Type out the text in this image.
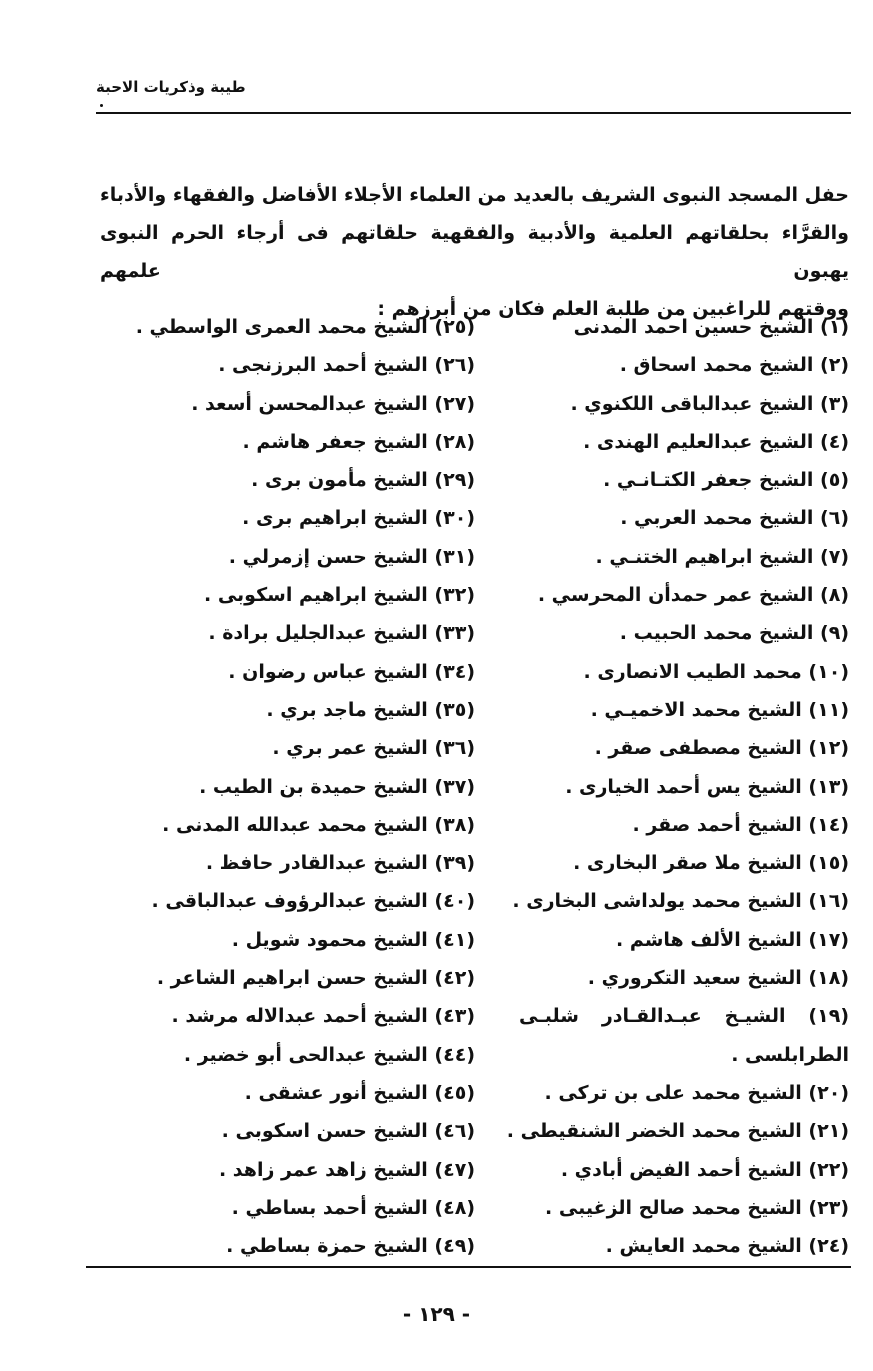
طيبة وذكريات الاحبة

حفل المسجد النبوى الشريف بالعديد من العلماء الأجلاء الأفاضل والفقهاء والأدباء

والقرَّاء بحلقاتهم العلمية والأدبية والفقهية حلقاتهم فى أرجاء الحرم النبوى يهبون علمهم

ووقتهم للراغبين من طلبة العلم فكان من أبرزهم :

(١) الشيخ حسين احمد المدنى
(٢) الشيخ محمد اسحاق .
(٣) الشيخ عبدالباقى اللكنوي .
(٤) الشيخ عبدالعليم الهندى .
(٥) الشيخ جعفر الكتـانـي .
(٦) الشيخ محمد العربي .
(٧) الشيخ ابراهيم الختنـي .
(٨) الشيخ عمر حمدأن المحرسي .
(٩) الشيخ محمد الحبيب .
(١٠) محمد الطيب الانصارى .
(١١) الشيخ محمد الاخميـي .
(١٢) الشيخ مصطفى صقر .
(١٣) الشيخ يس أحمد الخيارى .
(١٤) الشيخ أحمد صقر .
(١٥) الشيخ ملا صقر البخارى .
(١٦) الشيخ محمد يولداشى البخارى .
(١٧) الشيخ الألف هاشم .
(١٨) الشيخ سعيد التكروري .
(١٩) الشيـخ عبـدالقـادر شلبـى
الطرابلسى .
(٢٠) الشيخ محمد على بن تركى .
(٢١) الشيخ محمد الخضر الشنقيطى .
(٢٢) الشيخ أحمد الفيض أبادي .
(٢٣) الشيخ محمد صالح الزغيبى .
(٢٤) الشيخ محمد العايش .
(٢٥) الشيخ محمد العمرى الواسطي .
(٢٦) الشيخ أحمد البرزنجى .
(٢٧) الشيخ عبدالمحسن أسعد .
(٢٨) الشيخ جعفر هاشم .
(٢٩) الشيخ مأمون برى .
(٣٠) الشيخ ابراهيم برى .
(٣١) الشيخ حسن إزمرلي .
(٣٢) الشيخ ابراهيم اسكوبى .
(٣٣) الشيخ عبدالجليل برادة .
(٣٤) الشيخ عباس رضوان .
(٣٥) الشيخ ماجد بري .
(٣٦) الشيخ عمر بري .
(٣٧) الشيخ حميدة بن الطيب .
(٣٨) الشيخ محمد عبدالله المدنى .
(٣٩) الشيخ عبدالقادر حافظ .
(٤٠) الشيخ عبدالرؤوف عبدالباقى .
(٤١) الشيخ محمود شويل .
(٤٢) الشيخ حسن ابراهيم الشاعر .
(٤٣) الشيخ أحمد عبدالاله مرشد .
(٤٤) الشيخ عبدالحى أبو خضير .
(٤٥) الشيخ أنور عشقى .
(٤٦) الشيخ حسن اسكوبى .
(٤٧) الشيخ زاهد عمر زاهد .
(٤٨) الشيخ أحمد بساطي .
(٤٩) الشيخ حمزة بساطي .
- ١٢٩ -
